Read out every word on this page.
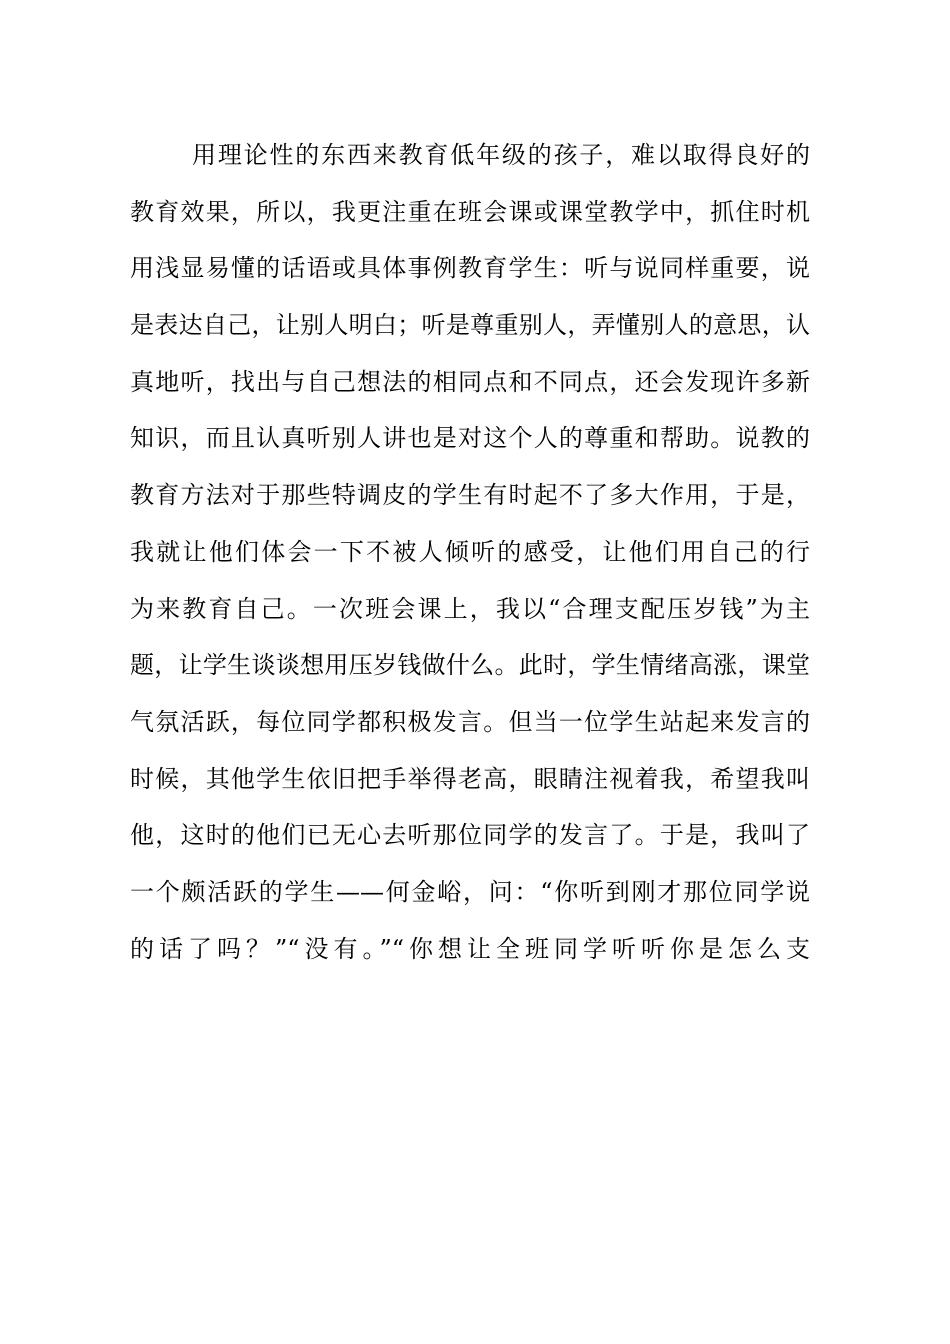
用理论性的东西来教育低年级的孩子，难以取得良好的
教育效果，所以，我更注重在班会课或课堂教学中，抓住时机
用浅显易懂的话语或具体事例教育学生：听与说同样重要，说
是表达自己，让别人明白；听是尊重别人，弄懂别人的意思，认
真地听，找出与自己想法的相同点和不同点，还会发现许多新
知识，而且认真听别人讲也是对这个人的尊重和帮助。说教的
教育方法对于那些特调皮的学生有时起不了多大作用，于是，
我就让他们体会一下不被人倾听的感受，让他们用自己的行
为来教育自己。一次班会课上，我以“合理支配压岁钱”为主
题，让学生谈谈想用压岁钱做什么。此时，学生情绪高涨，课堂
气氛活跃，每位同学都积极发言。但当一位学生站起来发言的
时候，其他学生依旧把手举得老高，眼睛注视着我，希望我叫
他，这时的他们已无心去听那位同学的发言了。于是，我叫了
一个颇活跃的学生——何金峪，问：“你听到刚才那位同学说
的话了吗？”“没有。”“你想让全班同学听听你是怎么支
